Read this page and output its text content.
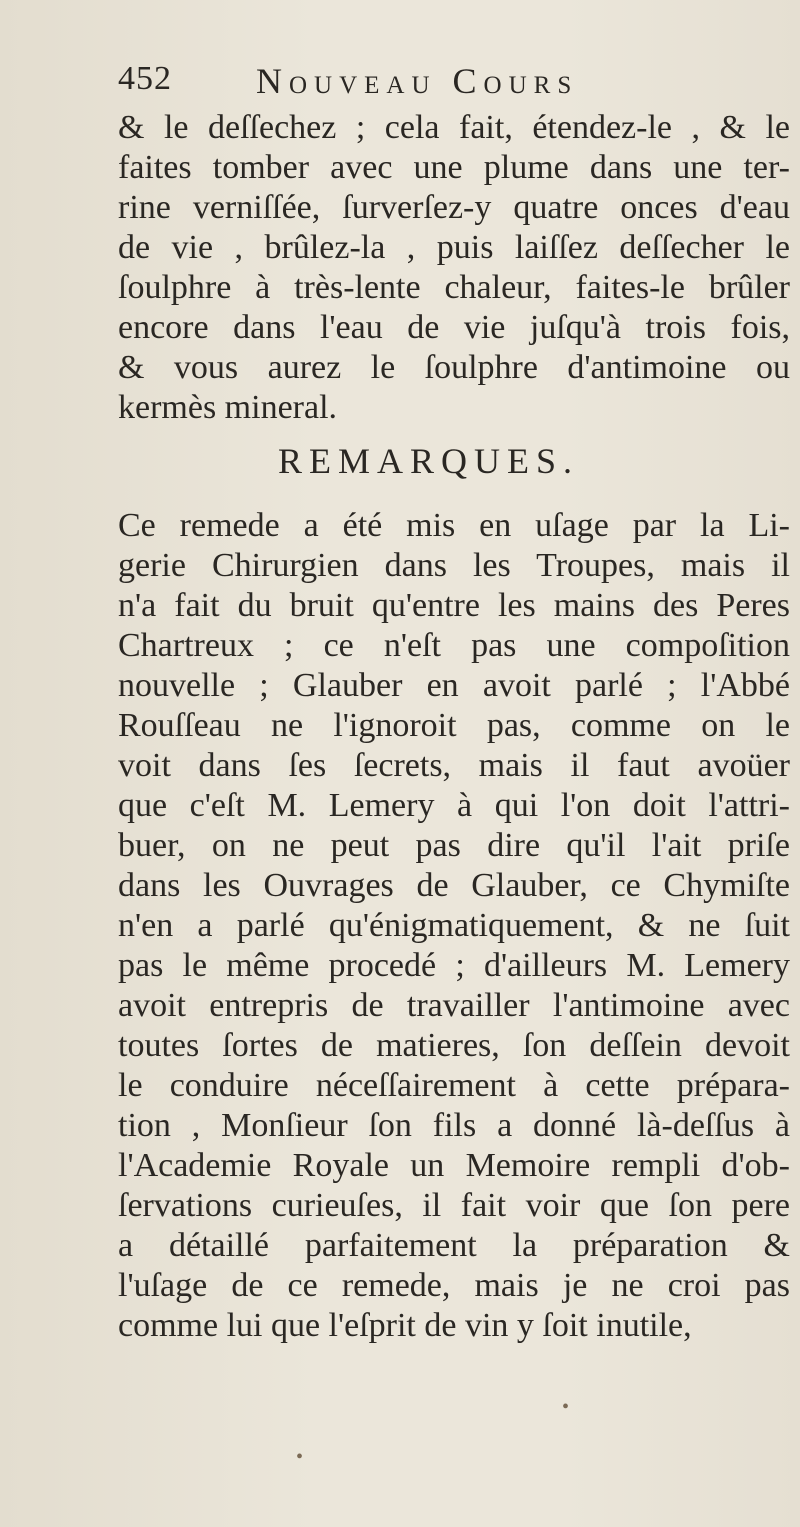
452 Nouveau Cours
& le deſſechez ; cela fait, étendez-le , & le
faites tomber avec une plume dans une ter-
rine verniſſée, ſurverſez-y quatre onces d'eau
de vie , brûlez-la , puis laiſſez deſſecher le
ſoulphre à très-lente chaleur, faites-le brûler
encore dans l'eau de vie juſqu'à trois fois,
& vous aurez le ſoulphre d'antimoine ou
kermès mineral.
REMARQUES.
Ce remede a été mis en uſage par la Li-
gerie Chirurgien dans les Troupes, mais il
n'a fait du bruit qu'entre les mains des Peres
Chartreux ; ce n'eſt pas une compoſition
nouvelle ; Glauber en avoit parlé ; l'Abbé
Rouſſeau ne l'ignoroit pas, comme on le
voit dans ſes ſecrets, mais il faut avoüer
que c'eſt M. Lemery à qui l'on doit l'attri-
buer, on ne peut pas dire qu'il l'ait priſe
dans les Ouvrages de Glauber, ce Chymiſte
n'en a parlé qu'énigmatiquement, & ne ſuit
pas le même procedé ; d'ailleurs M. Lemery
avoit entrepris de travailler l'antimoine avec
toutes ſortes de matieres, ſon deſſein devoit
le conduire néceſſairement à cette prépara-
tion , Monſieur ſon fils a donné là-deſſus à
l'Academie Royale un Memoire rempli d'ob-
ſervations curieuſes, il fait voir que ſon pere
a détaillé parfaitement la préparation &
l'uſage de ce remede, mais je ne croi pas
comme lui que l'eſprit de vin y ſoit inutile,
•
•
